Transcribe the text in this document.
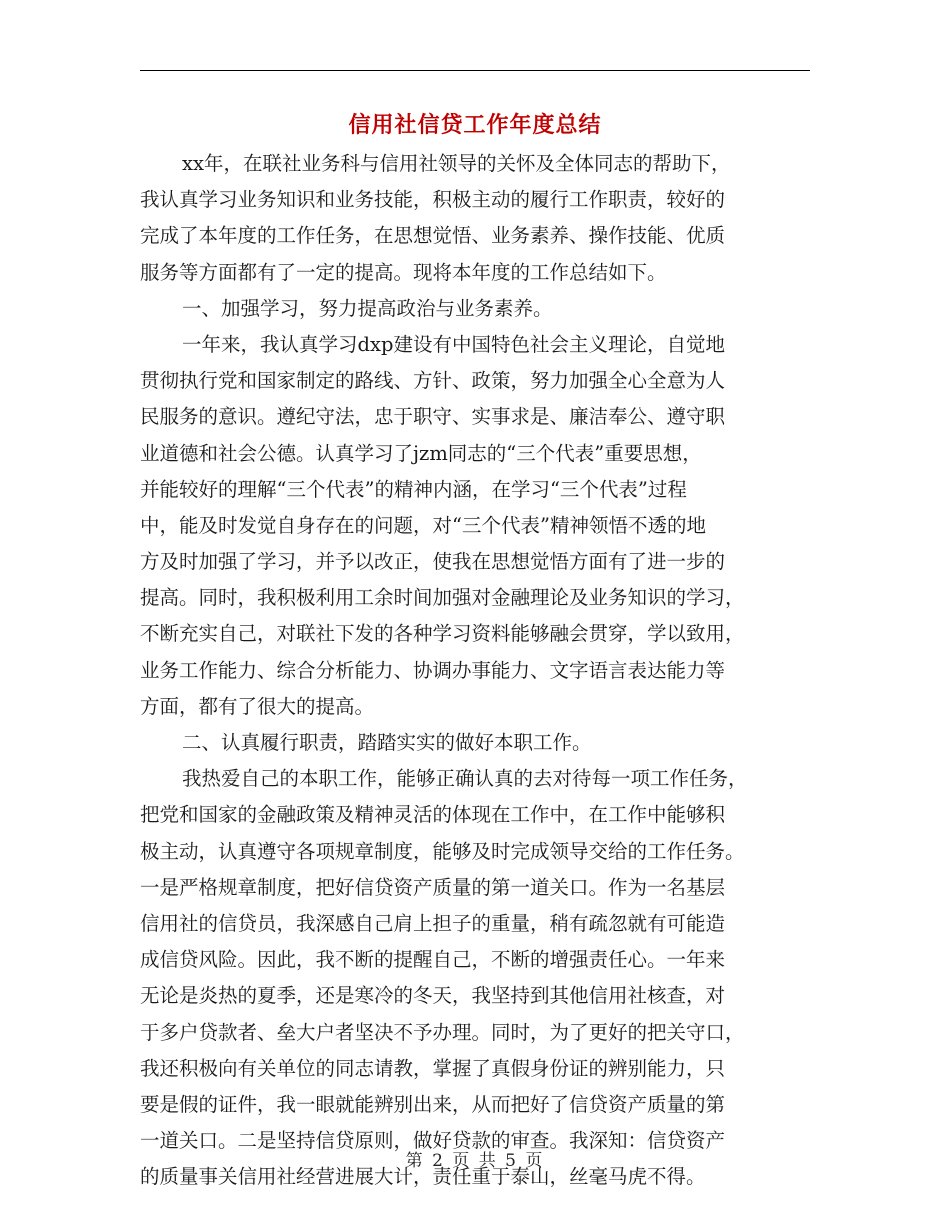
信用社信贷工作年度总结
xx年，在联社业务科与信用社领导的关怀及全体同志的帮助下，
我认真学习业务知识和业务技能，积极主动的履行工作职责，较好的
完成了本年度的工作任务，在思想觉悟、业务素养、操作技能、优质
服务等方面都有了一定的提高。现将本年度的工作总结如下。
一、加强学习，努力提高政治与业务素养。
一年来，我认真学习dxp建设有中国特色社会主义理论，自觉地
贯彻执行党和国家制定的路线、方针、政策，努力加强全心全意为人
民服务的意识。遵纪守法，忠于职守、实事求是、廉洁奉公、遵守职
业道德和社会公德。认真学习了jzm同志的“三个代表”重要思想，
并能较好的理解“三个代表”的精神内涵，在学习“三个代表”过程
中，能及时发觉自身存在的问题，对“三个代表”精神领悟不透的地
方及时加强了学习，并予以改正，使我在思想觉悟方面有了进一步的
提高。同时，我积极利用工余时间加强对金融理论及业务知识的学习，
不断充实自己，对联社下发的各种学习资料能够融会贯穿，学以致用，
业务工作能力、综合分析能力、协调办事能力、文字语言表达能力等
方面，都有了很大的提高。
二、认真履行职责，踏踏实实的做好本职工作。
我热爱自己的本职工作，能够正确认真的去对待每一项工作任务，
把党和国家的金融政策及精神灵活的体现在工作中，在工作中能够积
极主动，认真遵守各项规章制度，能够及时完成领导交给的工作任务。
一是严格规章制度，把好信贷资产质量的第一道关口。作为一名基层
信用社的信贷员，我深感自己肩上担子的重量，稍有疏忽就有可能造
成信贷风险。因此，我不断的提醒自己，不断的增强责任心。一年来
无论是炎热的夏季，还是寒冷的冬天，我坚持到其他信用社核查，对
于多户贷款者、垒大户者坚决不予办理。同时，为了更好的把关守口，
我还积极向有关单位的同志请教，掌握了真假身份证的辨别能力，只
要是假的证件，我一眼就能辨别出来，从而把好了信贷资产质量的第
一道关口。二是坚持信贷原则，做好贷款的审查。我深知：信贷资产
的质量事关信用社经营进展大计，责任重于泰山，丝毫马虎不得。
第 2 页 共 5 页
